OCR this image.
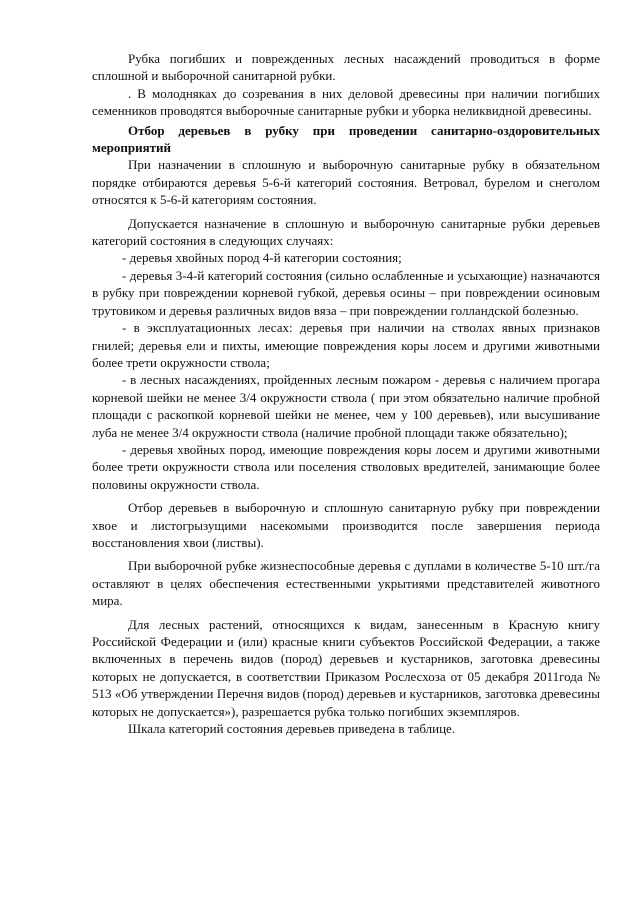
Рубка погибших и поврежденных лесных насаждений проводиться в форме сплошной и выборочной санитарной рубки.

. В молодняках до созревания в них деловой древесины при наличии погибших семенников проводятся выборочные санитарные рубки и уборка неликвидной древесины.

Отбор деревьев в рубку при проведении санитарно-оздоровительных мероприятий

При назначении в сплошную и выборочную санитарные рубку в обязательном порядке отбираются деревья 5-6-й категорий состояния. Ветровал, бурелом и снеголом относятся к 5-6-й категориям состояния.

Допускается назначение в сплошную и выборочную санитарные рубки деревьев категорий состояния в следующих случаях:

- деревья хвойных пород 4-й категории состояния;

- деревья 3-4-й категорий состояния (сильно ослабленные и усыхающие) назначаются в рубку при повреждении корневой губкой, деревья осины – при повреждении осиновым трутовиком и деревья различных видов вяза – при повреждении голландской болезнью.

- в эксплуатационных лесах: деревья при наличии на стволах явных признаков гнилей; деревья ели и пихты, имеющие повреждения коры лосем и другими животными более трети окружности ствола;

- в лесных насаждениях, пройденных лесным пожаром - деревья с наличием прогара корневой шейки не менее 3/4 окружности ствола ( при этом обязательно наличие пробной площади с раскопкой корневой шейки не менее, чем у 100 деревьев), или высушивание луба не менее 3/4 окружности ствола (наличие пробной площади также обязательно);

- деревья хвойных пород, имеющие повреждения коры лосем и другими животными более трети окружности ствола или поселения стволовых вредителей, занимающие более половины окружности ствола.

Отбор деревьев в выборочную и сплошную санитарную рубку при повреждении хвое и листогрызущими насекомыми производится после завершения периода восстановления хвои (листвы).

При выборочной рубке жизнеспособные деревья с дуплами в количестве 5-10 шт./га оставляют в целях обеспечения естественными укрытиями представителей животного мира.

Для лесных растений, относящихся к видам, занесенным в Красную книгу Российской Федерации и (или) красные книги субъектов Российской Федерации, а также включенных в перечень видов (пород) деревьев и кустарников, заготовка древесины которых не допускается, в соответствии Приказом Рослесхоза от 05 декабря 2011года № 513 «Об утверждении Перечня видов (пород) деревьев и кустарников, заготовка древесины которых не допускается»), разрешается рубка только погибших экземпляров.

Шкала категорий состояния деревьев приведена в таблице.
